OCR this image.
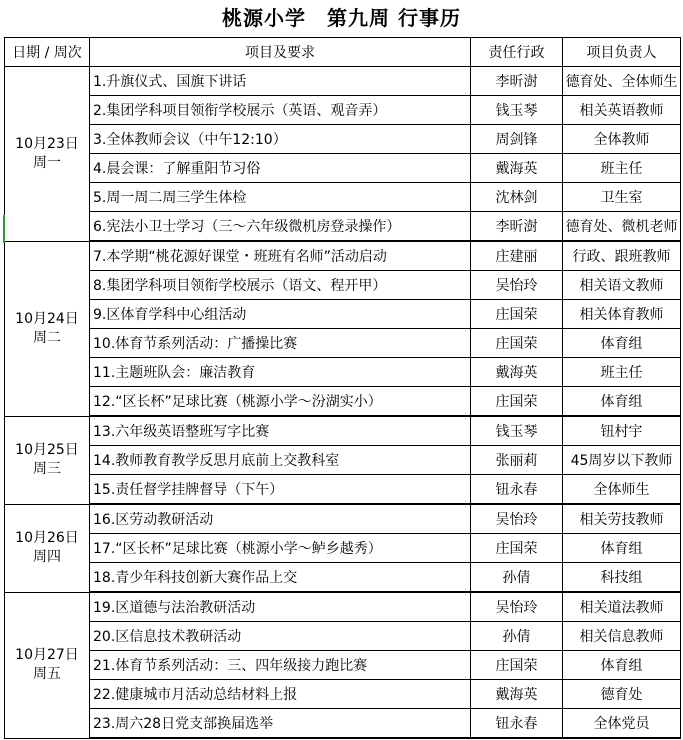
桃源小学　第九周 行事历
日期 / 周次	项目及要求	责任行政	项目负责人

10月23日
周一	1.升旗仪式、国旗下讲话	李昕澍	德育处、全体师生
	2.集团学科项目领衔学校展示（英语、观音弄）	钱玉琴	相关英语教师
	3.全体教师会议（中午12:10）	周剑锋	全体教师
	4.晨会课：了解重阳节习俗	戴海英	班主任
	5.周一周二周三学生体检	沈林剑	卫生室
	6.宪法小卫士学习（三～六年级微机房登录操作）	李昕澍	德育处、微机老师

10月24日
周二	7.本学期“桃花源好课堂・班班有名师”活动启动	庄建丽	行政、跟班教师
	8.集团学科项目领衔学校展示（语文、程开甲）	吴怡玲	相关语文教师
	9.区体育学科中心组活动	庄国荣	相关体育教师
	10.体育节系列活动：广播操比赛	庄国荣	体育组
	11.主题班队会：廉洁教育	戴海英	班主任
	12.“区长杯”足球比赛（桃源小学～汾湖实小）	庄国荣	体育组

10月25日
周三	13.六年级英语整班写字比赛	钱玉琴	钮村宇
	14.教师教育教学反思月底前上交教科室	张丽莉	45周岁以下教师
	15.责任督学挂牌督导（下午）	钮永春	全体师生

10月26日
周四	16.区劳动教研活动	吴怡玲	相关劳技教师
	17.“区长杯”足球比赛（桃源小学～鲈乡越秀）	庄国荣	体育组
	18.青少年科技创新大赛作品上交	孙倩	科技组

10月27日
周五	19.区道德与法治教研活动	吴怡玲	相关道法教师
	20.区信息技术教研活动	孙倩	相关信息教师
	21.体育节系列活动：三、四年级接力跑比赛	庄国荣	体育组
	22.健康城市月活动总结材料上报	戴海英	德育处
	23.周六28日党支部换届选举	钮永春	全体党员
